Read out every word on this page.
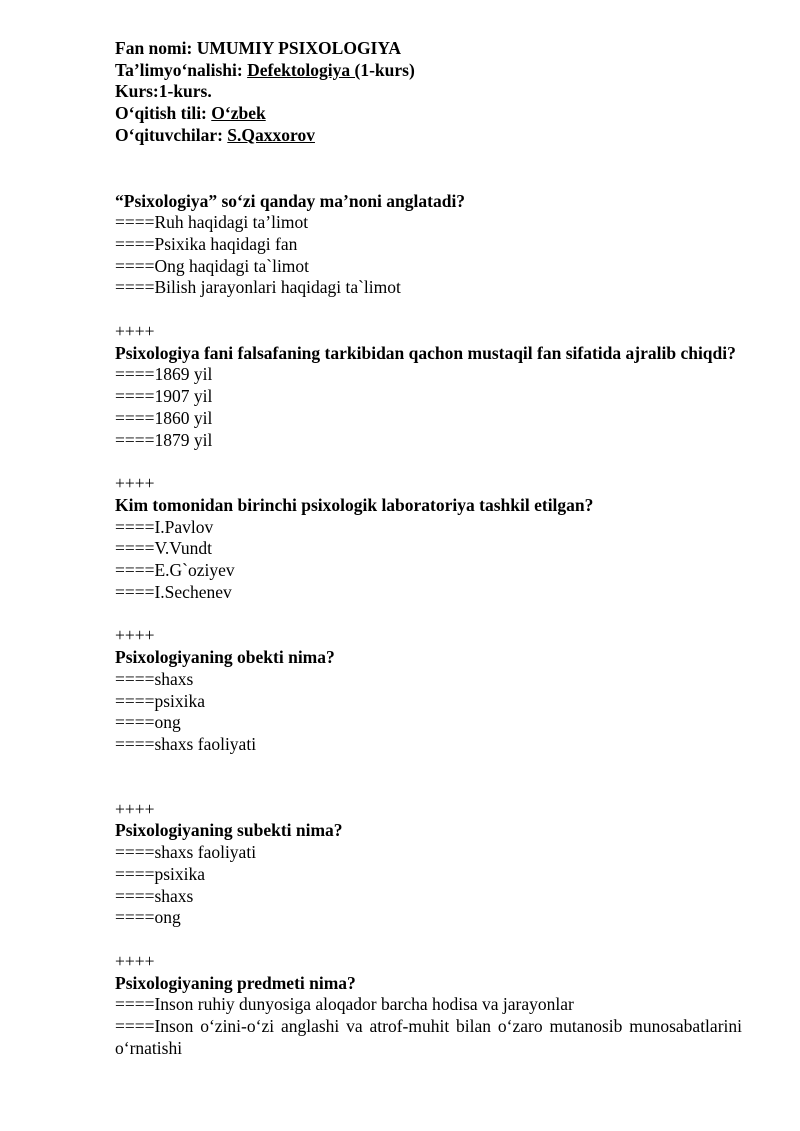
Fan nomi: UMUMIY PSIXOLOGIYA
Ta’limyo‘nalishi: Defektologiya (1-kurs)
Kurs:1-kurs.
O‘qitish tili: O‘zbek
O‘qituvchilar: S.Qaxxorov
“Psixologiya” so‘zi qanday ma’noni anglatadi?
====Ruh haqidagi ta’limot
====Psixika haqidagi fan
====Ong haqidagi ta`limot
====Bilish jarayonlari haqidagi ta`limot
++++
Psixologiya fani falsafaning tarkibidan qachon mustaqil fan sifatida ajralib chiqdi?
====1869 yil
====1907 yil
====1860 yil
====1879 yil
++++
Kim tomonidan birinchi psixologik laboratoriya tashkil etilgan?
====I.Pavlov
====V.Vundt
====E.G`oziyev
====I.Sechenev
++++
Psixologiyaning obekti nima?
====shaxs
====psixika
====ong
====shaxs faoliyati
++++
Psixologiyaning subekti nima?
====shaxs faoliyati
====psixika
====shaxs
====ong
++++
Psixologiyaning predmeti nima?
====Inson ruhiy dunyosiga aloqador barcha hodisa va jarayonlar
====Inson o‘zini-o‘zi anglashi va atrof-muhit bilan o‘zaro mutanosib munosabatlarini o‘rnatishi
